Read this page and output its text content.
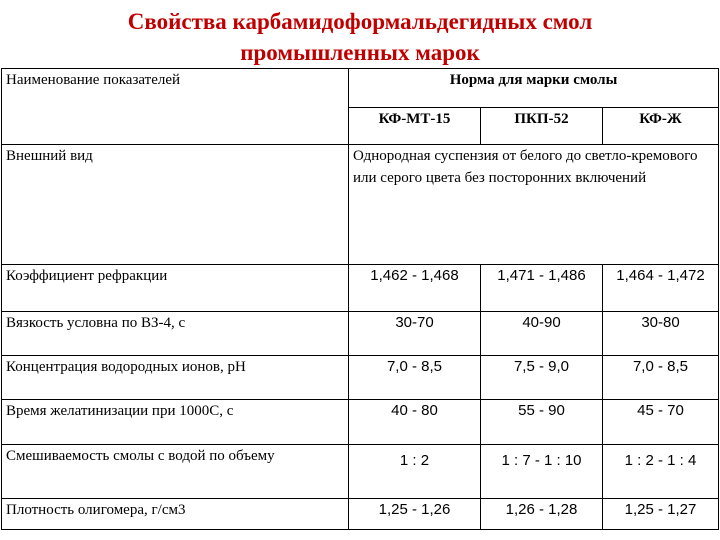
Свойства карбамидоформальдегидных смол
промышленных марок
Наименование показателей	Норма для марки смолы		
	КФ-МТ-15	ПКП-52	КФ-Ж
Внешний вид	Однородная суспензия от белого до светло-кремового или серого цвета без посторонних включений		
Коэффициент рефракции	1,462 - 1,468	1,471 - 1,486	1,464 - 1,472
Вязкость условна по ВЗ-4, с	30-70	40-90	30-80
Концентрация водородных ионов, рН	7,0 - 8,5	7,5 - 9,0	7,0 - 8,5
Время желатинизации при 1000С, с	40 - 80	55 - 90	45 - 70
Смешиваемость смолы с водой по объему	1 : 2	1 : 7 - 1 : 10	1 : 2 - 1 : 4
Плотность олигомера, г/см3	1,25 - 1,26	1,26 - 1,28	1,25 - 1,27
